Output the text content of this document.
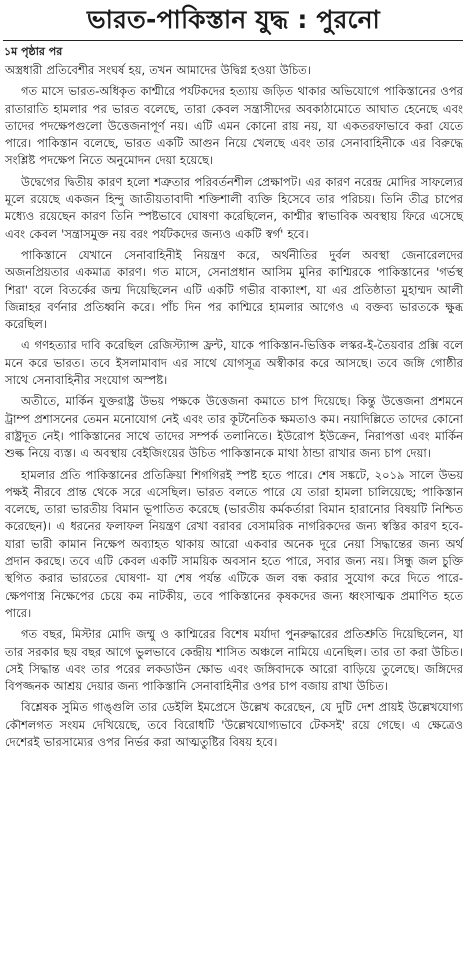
ভারত-পাকিস্তান যুদ্ধ : পুরনো
১ম পৃষ্ঠার পর

অস্ত্রধারী প্রতিবেশীর সংঘর্ষ হয়, তখন আমাদের উদ্বিগ্ন হওয়া উচিত।

গত মাসে ভারত-অধিকৃত কাশ্মীরে পর্যটকদের হত্যায় জড়িত থাকার অভিযোগে পাকিস্তানের ওপর রাতারাতি হামলার পর ভারত বলেছে, তারা কেবল সন্ত্রাসীদের অবকাঠামোতে আঘাত হেনেছে এবং তাদের পদক্ষেপগুলো উত্তেজনাপূর্ণ নয়। এটি এমন কোনো রায় নয়, যা একতরফাভাবে করা যেতে পারে। পাকিস্তান বলেছে, ভারত একটি আগুন নিয়ে খেলছে এবং তার সেনাবাহিনীকে এর বিরুদ্ধে সংশ্লিষ্ট পদক্ষেপ নিতে অনুমোদন দেয়া হয়েছে।

উদ্বেগের দ্বিতীয় কারণ হলো শত্রুতার পরিবর্তনশীল প্রেক্ষাপট। এর কারণ নরেন্দ্র মোদির সাফল্যের মূলে রয়েছে একজন হিন্দু জাতীয়তাবাদী শক্তিশালী ব্যক্তি হিসেবে তার পরিচয়। তিনি তীব্র চাপের মধ্যেও রয়েছেন কারণ তিনি স্পষ্টভাবে ঘোষণা করেছিলেন, কাশ্মীর স্বাভাবিক অবস্থায় ফিরে এসেছে এবং কেবল 'সন্ত্রাসমুক্ত নয় বরং পর্যটকদের জন্যও একটি স্বর্গ' হবে।

পাকিস্তানে যেখানে সেনাবাহিনীই নিয়ন্ত্রণ করে, অর্থনীতির দুর্বল অবস্থা জেনারেলদের অজনপ্রিয়তার একমাত্র কারণ। গত মাসে, সেনাপ্রধান আসিম মুনির কাশ্মিরকে পাকিস্তানের 'গর্ভস্থ শিরা' বলে বিতর্কের জন্ম দিয়েছিলেন এটি একটি গভীর বাক্যাংশ, যা এর প্রতিষ্ঠাতা মুহাম্মদ আলী জিন্নাহর বর্ণনার প্রতিধ্বনি করে। পাঁচ দিন পর কাশ্মিরে হামলার আগেও এ বক্তব্য ভারতকে ক্ষুব্ধ করেছিল।

এ গণহত্যার দাবি করেছিল রেজিস্ট্যান্স ফ্রন্ট, যাকে পাকিস্তান-ভিত্তিক লস্কর-ই-তৈয়বার প্রক্সি বলে মনে করে ভারত। তবে ইসলামাবাদ এর সাথে যোগসূত্র অস্বীকার করে আসছে। তবে জঙ্গি গোষ্ঠীর সাথে সেনাবাহিনীর সংযোগ অস্পষ্ট।

অতীতে, মার্কিন যুক্তরাষ্ট্র উভয় পক্ষকে উত্তেজনা কমাতে চাপ দিয়েছে। কিন্তু উত্তেজনা প্রশমনে ট্রাম্প প্রশাসনের তেমন মনোযোগ নেই এবং তার কূটনৈতিক ক্ষমতাও কম। নয়াদিল্লিতে তাদের কোনো রাষ্ট্রদূত নেই। পাকিস্তানের সাথে তাদের সম্পর্ক তলানিতে। ইউরোপ ইউক্রেন, নিরাপত্তা এবং মার্কিন শুল্ক নিয়ে ব্যস্ত। এ অবস্থায় বেইজিংয়ের উচিত পাকিস্তানকে মাথা ঠান্ডা রাখার জন্য চাপ দেয়া।

হামলার প্রতি পাকিস্তানের প্রতিক্রিয়া শিগগিরই স্পষ্ট হতে পারে। শেষ সঙ্কটে, ২০১৯ সালে উভয় পক্ষই নীরবে প্রান্ত থেকে সরে এসেছিল। ভারত বলতে পারে যে তারা হামলা চালিয়েছে; পাকিস্তান বলেছে, তারা ভারতীয় বিমান ভূপাতিত করেছে (ভারতীয় কর্মকর্তারা বিমান হারানোর বিষয়টি নিশ্চিত করেছেন)। এ ধরনের ফলাফল নিয়ন্ত্রণ রেখা বরাবর বেসামরিক নাগরিকদের জন্য স্বস্তির কারণ হবে- যারা ভারী কামান নিক্ষেপ অব্যাহত থাকায় আরো একবার অনেক দূরে নেয়া সিদ্ধান্তের জন্য অর্থ প্রদান করছে। তবে এটি কেবল একটি সাময়িক অবসান হতে পারে, সবার জন্য নয়। সিন্ধু জল চুক্তি স্থগিত করার ভারতের ঘোষণা- যা শেষ পর্যন্ত এটিকে জল বন্ধ করার সুযোগ করে দিতে পারে- ক্ষেপণাস্ত্র নিক্ষেপের চেয়ে কম নাটকীয়, তবে পাকিস্তানের কৃষকদের জন্য ধ্বংসাত্মক প্রমাণিত হতে পারে।

গত বছর, মিস্টার মোদি জম্মু ও কাশ্মিরের বিশেষ মর্যাদা পুনরুদ্ধারের প্রতিশ্রুতি দিয়েছিলেন, যা তার সরকার ছয় বছর আগে ভুলভাবে কেন্দ্রীয় শাসিত অঞ্চলে নামিয়ে এনেছিল। তার তা করা উচিত। সেই সিদ্ধান্ত এবং তার পরের লকডাউন ক্ষোভ এবং জঙ্গিবাদকে আরো বাড়িয়ে তুলেছে। জঙ্গিদের বিপজ্জনক আশ্রয় দেয়ার জন্য পাকিস্তানি সেনাবাহিনীর ওপর চাপ বজায় রাখা উচিত।

বিশ্লেষক সুমিত গাঙ্গুলি তার ডেইলি ইমপ্রেসে উল্লেখ করেছেন, যে দুটি দেশ প্রায়ই উল্লেখযোগ্য কৌশলগত সংযম দেখিয়েছে, তবে বিরোধটি 'উল্লেখযোগ্যভাবে টেকসই' রয়ে গেছে। এ ক্ষেত্রেও দেশেরই ভারসাম্যের ওপর নির্ভর করা আত্মতুষ্টির বিষয় হবে।
